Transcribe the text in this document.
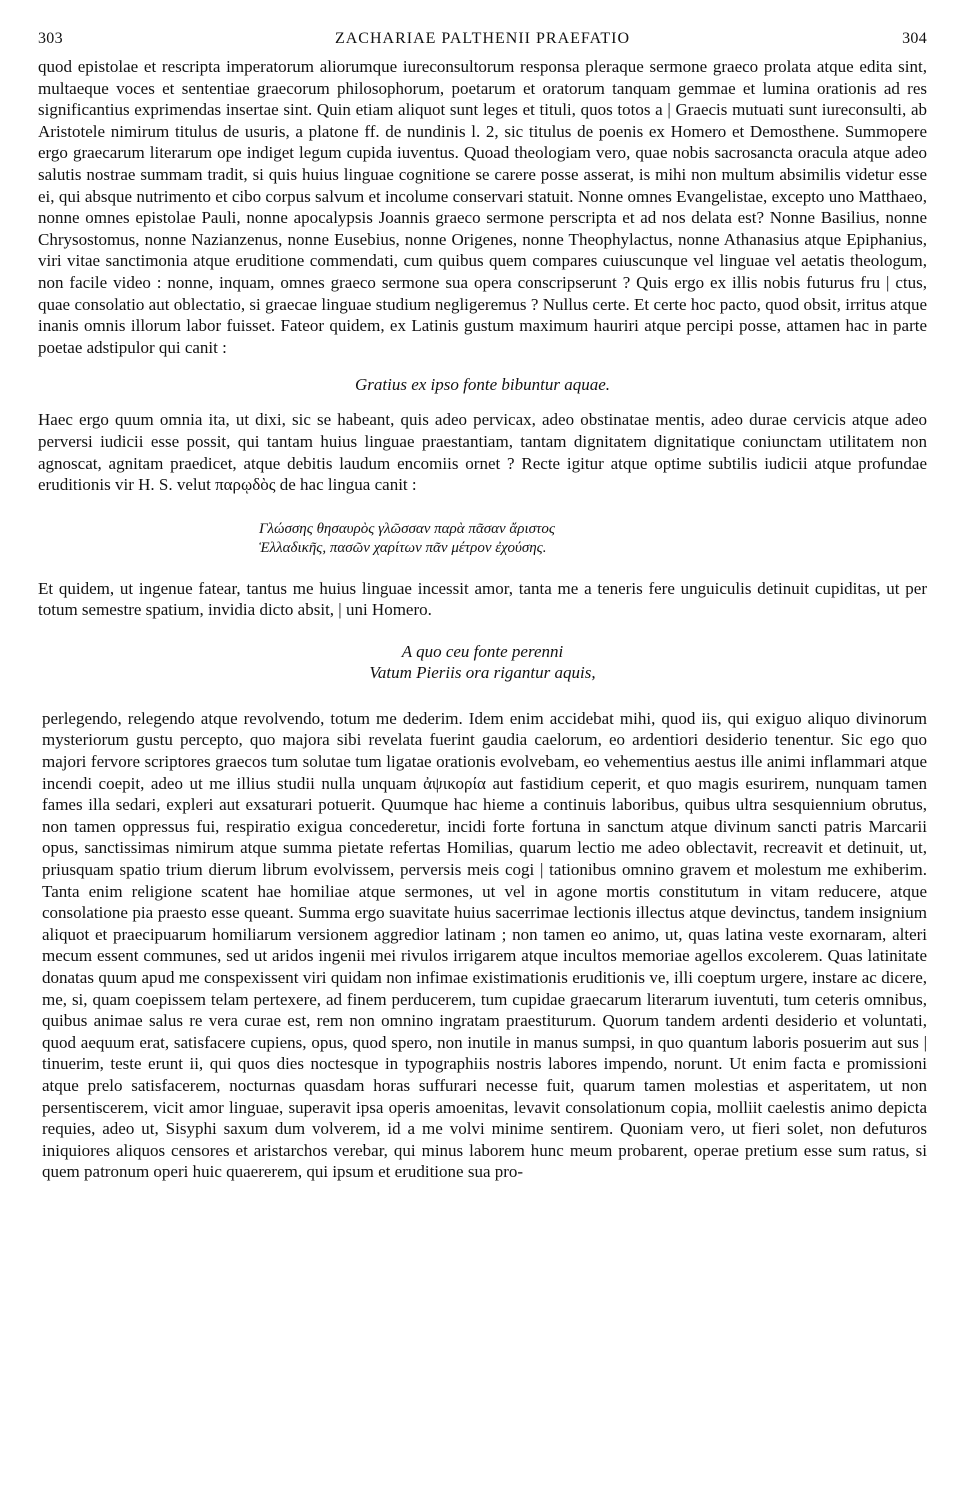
303	ZACHARIAE PALTHENII PRAEFATIO	304

quod epistolae et rescripta imperatorum aliorumque iureconsultorum responsa pleraque sermone graeco prolata atque edita sint, multaeque voces et sententiae graecorum philosophorum, poetarum et oratorum tanquam gemmae et lumina orationis ad res significantius exprimendas insertae sint. Quin etiam aliquot sunt leges et tituli, quos totos a | Graecis mutuati sunt iureconsulti, ab Aristotele nimirum titulus de usuris, a platone ff. de nundinis l. 2, sic titulus de poenis ex Homero et Demosthene. Summopere ergo graecarum literarum ope indiget legum cupida iuventus. Quoad theologiam vero, quae nobis sacrosancta oracula atque adeo salutis nostrae summam tradit, si quis huius linguae cognitione se carere posse asserat, is mihi non multum absimilis videtur esse ei, qui absque nutrimento et cibo corpus salvum et incolume conservari statuit. Nonne omnes Evangelistae, excepto uno Matthaeo, nonne omnes epistolae Pauli, nonne apocalypsis Joannis graeco sermone perscripta et ad nos delata est? Nonne Basilius, nonne Chrysostomus, nonne Nazianzenus, nonne Eusebius, nonne Origenes, nonne Theophylactus, nonne Athanasius atque Epiphanius, viri vitae sanctimonia atque eruditione commendati, cum quibus quem compares cuiuscunque vel linguae vel aetatis theologum, non facile video : nonne, inquam, omnes graeco sermone sua opera conscripserunt ? Quis ergo ex illis nobis futurus fru | ctus, quae consolatio aut oblectatio, si graecae linguae studium negligeremus ? Nullus certe. Et certe hoc pacto, quod obsit, irritus atque inanis omnis illorum labor fuisset. Fateor quidem, ex Latinis gustum maximum hauriri atque percipi posse, attamen hac in parte poetae adstipulor qui canit :

Gratius ex ipso fonte bibuntur aquae.

Haec ergo quum omnia ita, ut dixi, sic se habeant, quis adeo pervicax, adeo obstinatae mentis, adeo durae cervicis atque adeo perversi iudicii esse possit, qui tantam huius linguae praestantiam, tantam dignitatem dignitatique coniunctam utilitatem non agnoscat, agnitam praedicet, atque debitis laudum encomiis ornet ? Recte igitur atque optime subtilis iudicii atque profundae eruditionis vir H. S. velut παρῳδὸς de hac lingua canit :

Γλώσσης θησαυρὸς γλῶσσαν παρὰ πᾶσαν ἄριστος

Ἑλλαδικῆς, πασῶν χαρίτων πᾶν μέτρον ἐχούσης.

Et quidem, ut ingenue fatear, tantus me huius linguae incessit amor, tanta me a teneris fere unguiculis detinuit cupiditas, ut per totum semestre spatium, invidia dicto absit, | uni Homero.

A quo ceu fonte perenni

Vatum Pieriis ora rigantur aquis,

perlegendo, relegendo atque revolvendo, totum me dederim. Idem enim accidebat mihi, quod iis, qui exiguo aliquo divinorum mysteriorum gustu percepto, quo majora sibi revelata fuerint gaudia caelorum, eo ardentiori desiderio tenentur. Sic ego quo majori fervore scriptores graecos tum solutae tum ligatae orationis evolvebam, eo vehementius aestus ille animi inflammari atque incendi coepit, adeo ut me illius studii nulla unquam ἀψικορία aut fastidium ceperit, et quo magis esurirem, nunquam tamen fames illa sedari, expleri aut exsaturari potuerit. Quumque hac hieme a continuis laboribus, quibus ultra sesquiennium obrutus, non tamen oppressus fui, respiratio exigua concederetur, incidi forte fortuna in sanctum atque divinum sancti patris Marcarii opus, sanctissimas nimirum atque summa pietate refertas Homilias, quarum lectio me adeo oblectavit, recreavit et detinuit, ut, priusquam spatio trium dierum librum evolvissem, perversis meis cogi | tationibus omnino gravem et molestum me exhiberim. Tanta enim religione scatent hae homiliae atque sermones, ut vel in agone mortis constitutum in vitam reducere, atque consolatione pia praesto esse queant. Summa ergo suavitate huius sacerrimae lectionis illectus atque devinctus, tandem insignium aliquot et praecipuarum homiliarum versionem aggredior latinam ; non tamen eo animo, ut, quas latina veste exornaram, alteri mecum essent communes, sed ut aridos ingenii mei rivulos irrigarem atque incultos memoriae agellos excolerem. Quas latinitate donatas quum apud me conspexissent viri quidam non infimae existimationis eruditionis ve, illi coeptum urgere, instare ac dicere, me, si, quam coepissem telam pertexere, ad finem perducerem, tum cupidae graecarum literarum iuventuti, tum ceteris omnibus, quibus animae salus re vera curae est, rem non omnino ingratam praestiturum. Quorum tandem ardenti desiderio et voluntati, quod aequum erat, satisfacere cupiens, opus, quod spero, non inutile in manus sumpsi, in quo quantum laboris posuerim aut sus | tinuerim, teste erunt ii, qui quos dies noctesque in typographiis nostris labores impendo, norunt. Ut enim facta e promissioni atque prelo satisfacerem, nocturnas quasdam horas suffurari necesse fuit, quarum tamen molestias et asperitatem, ut non persentiscerem, vicit amor linguae, superavit ipsa operis amoenitas, levavit consolationum copia, molliit caelestis animo depicta requies, adeo ut, Sisyphi saxum dum volverem, id a me volvi minime sentirem. Quoniam vero, ut fieri solet, non defuturos iniquiores aliquos censores et aristarchos verebar, qui minus laborem hunc meum probarent, operae pretium esse sum ratus, si quem patronum operi huic quaererem, qui ipsum et eruditione sua pro-
